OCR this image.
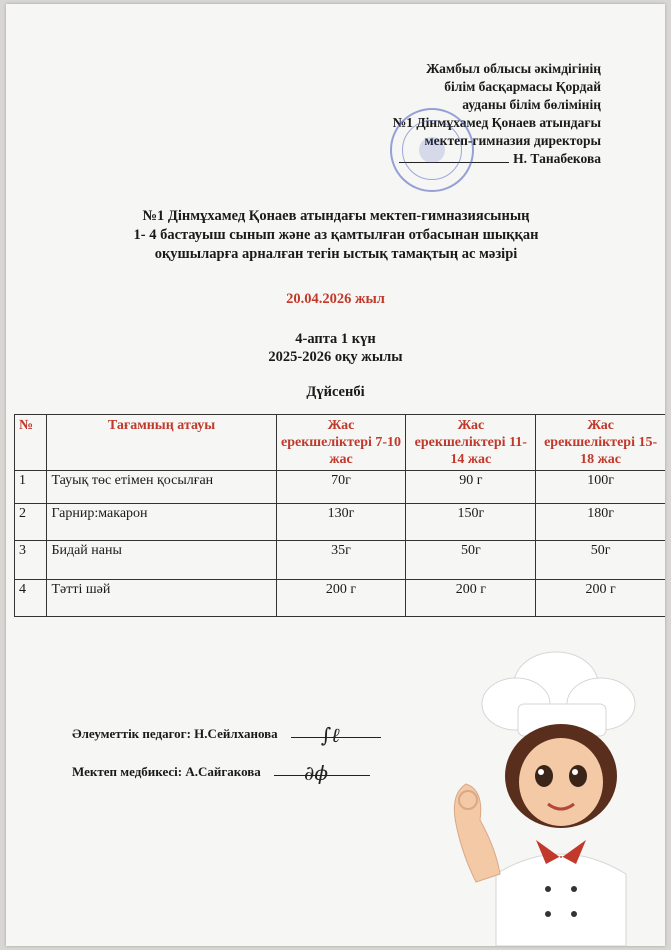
Жамбыл облысы әкімдігінің
білім басқармасы Қордай
ауданы білім бөлімінің
№1 Дінмұхамед Қонаев атындағы
мектеп-гимназия директоры
Н. Танабекова
№1 Дінмұхамед Қонаев атындағы мектеп-гимназиясының
1- 4 бастауыш сынып және аз қамтылған отбасынан шыққан
оқушыларға арналған тегін ыстық тамақтың ас мәзірі
20.04.2026 жыл
4-апта 1 күн
2025-2026 оқу жылы
Дүйсенбі
№	Тағамның атауы	Жас ерекшеліктері 7-10 жас	Жас ерекшеліктері 11-14 жас	Жас ерекшеліктері 15-18 жас
1	Тауық төс етімен қосылған	70г	90 г	100г
2	Гарнир:макарон	130г	150г	180г
3	Бидай наны	35г	50г	50г
4	Тәтті шәй	200 г	200 г	200 г
Әлеуметтік педагог: Н.Сейлханова ∫ℓ
Мектеп медбикесі: А.Сайгакова ∂ϕ
